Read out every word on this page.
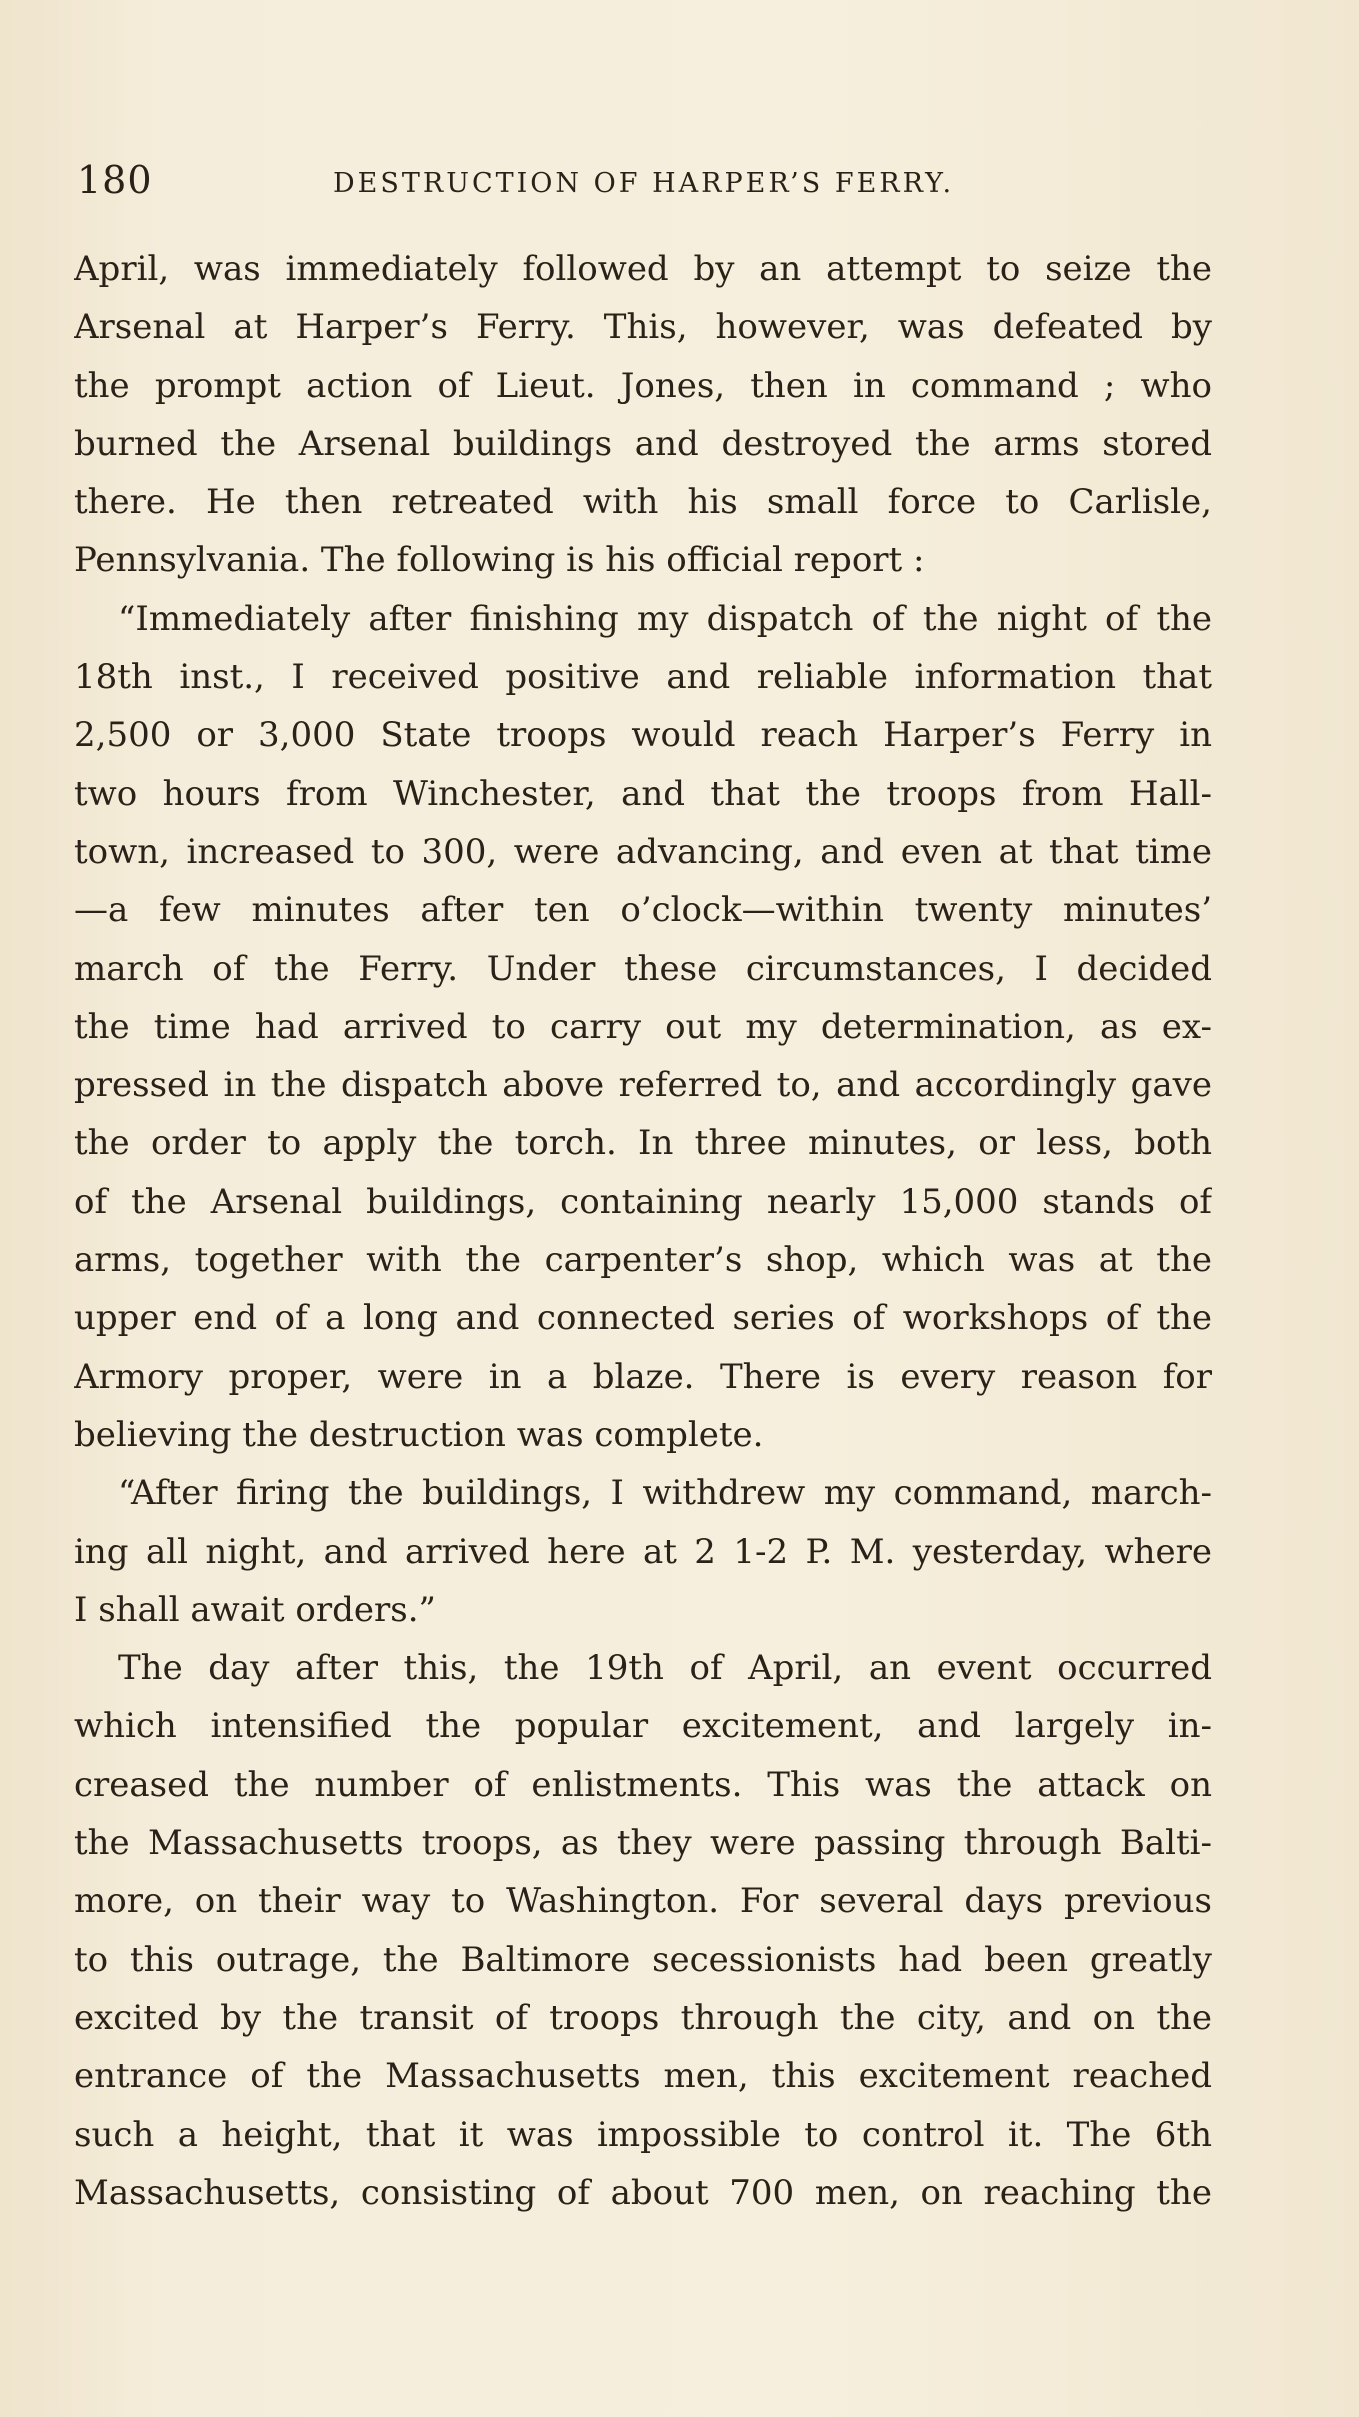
180	DESTRUCTION OF HARPER’S FERRY.
April, was immediately followed by an attempt to seize the
Arsenal at Harper’s Ferry. This, however, was defeated by
the prompt action of Lieut. Jones, then in command ; who
burned the Arsenal buildings and destroyed the arms stored
there. He then retreated with his small force to Carlisle,
Pennsylvania. The following is his official report :
“Immediately after finishing my dispatch of the night of the
18th inst., I received positive and reliable information that
2,500 or 3,000 State troops would reach Harper’s Ferry in
two hours from Winchester, and that the troops from Hall-
town, increased to 300, were advancing, and even at that time
—a few minutes after ten o’clock—within twenty minutes’
march of the Ferry. Under these circumstances, I decided
the time had arrived to carry out my determination, as ex-
pressed in the dispatch above referred to, and accordingly gave
the order to apply the torch. In three minutes, or less, both
of the Arsenal buildings, containing nearly 15,000 stands of
arms, together with the carpenter’s shop, which was at the
upper end of a long and connected series of workshops of the
Armory proper, were in a blaze. There is every reason for
believing the destruction was complete.
“After firing the buildings, I withdrew my command, march-
ing all night, and arrived here at 2 1-2 P. M. yesterday, where
I shall await orders.”
The day after this, the 19th of April, an event occurred
which intensified the popular excitement, and largely in-
creased the number of enlistments. This was the attack on
the Massachusetts troops, as they were passing through Balti-
more, on their way to Washington. For several days previous
to this outrage, the Baltimore secessionists had been greatly
excited by the transit of troops through the city, and on the
entrance of the Massachusetts men, this excitement reached
such a height, that it was impossible to control it. The 6th
Massachusetts, consisting of about 700 men, on reaching the
